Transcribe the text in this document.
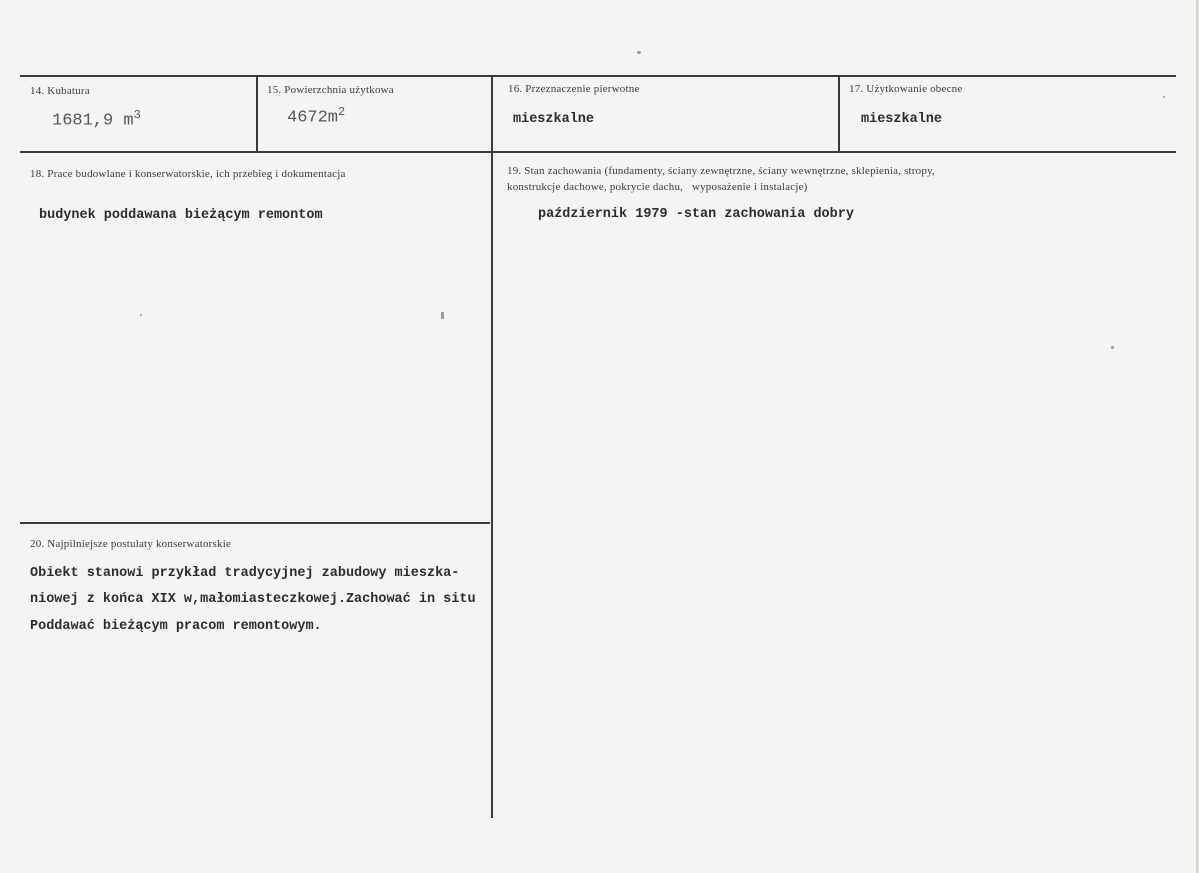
14. Kubatura
1681,9 $m^3$
15. Powierzchnia użytkowa
$4672m^2$
16. Przeznaczenie pierwotne
mieszkalne
17. Użytkowanie obecne
mieszkalne
18. Prace budowlane i konserwatorskie, ich przebieg i dokumentacja
budynek poddawana bieżącym remontom
19. Stan zachowania (fundamenty, ściany zewnętrzne, ściany wewnętrzne, sklepienia, stropy,
konstrukcje dachowe, pokrycie dachu,   wyposażenie i instalacje)
październik 1979 -stan zachowania dobry
20. Najpilniejsze postulaty konserwatorskie
Obiekt stanowi przykład tradycyjnej zabudowy mieszka-
niowej z końca XIX w,małomiasteczkowej.Zachować in situ
Poddawać bieżącym pracom remontowym.
